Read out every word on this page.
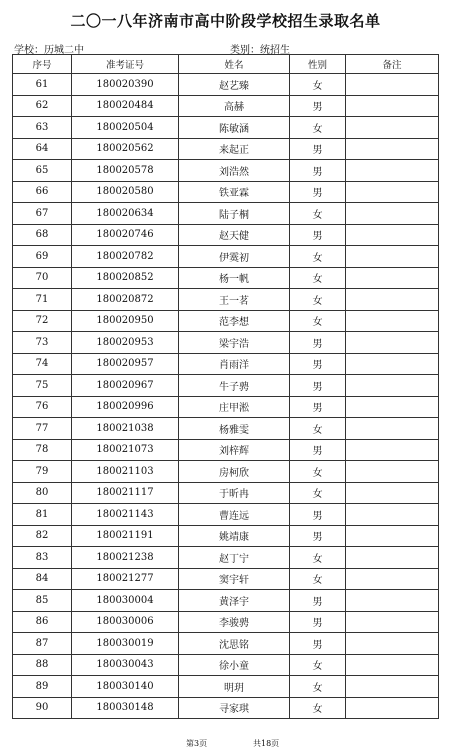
二〇一八年济南市高中阶段学校招生录取名单
学校：历城二中	类别：统招生
序号	准考证号	姓名	性别	备注
61	180020390	赵艺臻	女	
62	180020484	高赫	男	
63	180020504	陈敏涵	女	
64	180020562	来起正	男	
65	180020578	刘浩然	男	
66	180020580	铁亚霖	男	
67	180020634	陆子桐	女	
68	180020746	赵天健	男	
69	180020782	伊霙初	女	
70	180020852	杨一帆	女	
71	180020872	王一茗	女	
72	180020950	范李想	女	
73	180020953	梁宇浩	男	
74	180020957	肖雨洋	男	
75	180020967	牛子骋	男	
76	180020996	庄甲淞	男	
77	180021038	杨雅雯	女	
78	180021073	刘梓辉	男	
79	180021103	房柯欣	女	
80	180021117	于昕冉	女	
81	180021143	曹连远	男	
82	180021191	姚靖康	男	
83	180021238	赵丁宁	女	
84	180021277	窦宇轩	女	
85	180030004	黄泽宇	男	
86	180030006	李骏骋	男	
87	180030019	沈思铭	男	
88	180030043	徐小童	女	
89	180030140	明玥	女	
90	180030148	寻家琪	女	
第3页	共18页
